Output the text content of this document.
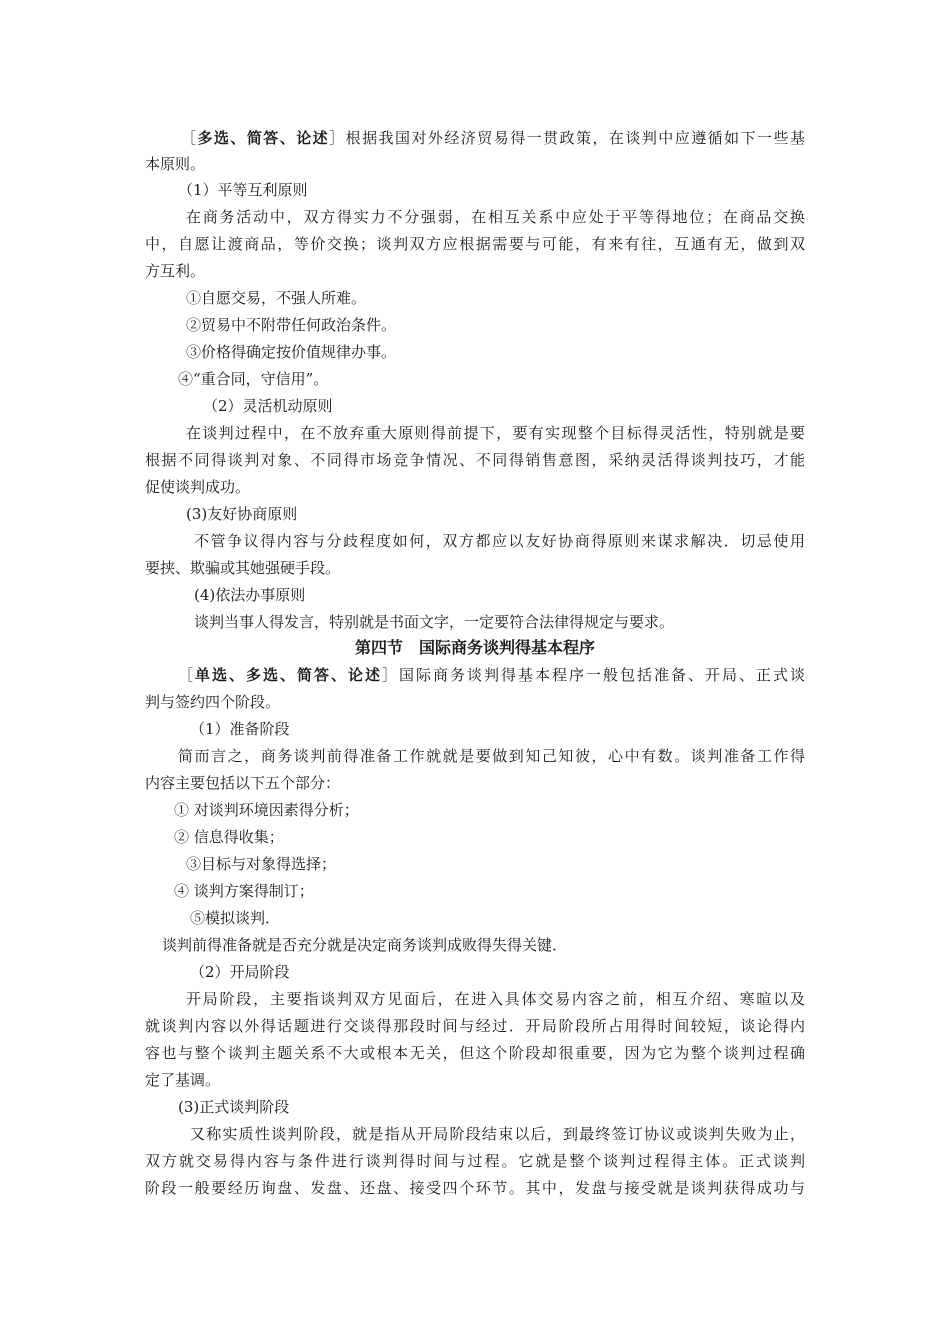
［多选、简答、论述］根据我国对外经济贸易得一贯政策，在谈判中应遵循如下一些基
本原则。
（1）平等互利原则
在商务活动中，双方得实力不分强弱，在相互关系中应处于平等得地位；在商品交换
中，自愿让渡商品，等价交换；谈判双方应根据需要与可能，有来有往，互通有无，做到双
方互利。
①自愿交易，不强人所难。
②贸易中不附带任何政治条件。
③价格得确定按价值规律办事。
④“重合同，守信用”。
（2）灵活机动原则
在谈判过程中，在不放弃重大原则得前提下，要有实现整个目标得灵活性，特别就是要
根据不同得谈判对象、不同得市场竞争情况、不同得销售意图，采纳灵活得谈判技巧，才能
促使谈判成功。
(3)友好协商原则
不管争议得内容与分歧程度如何，双方都应以友好协商得原则来谋求解决．切忌使用
要挟、欺骗或其她强硬手段。
(4)依法办事原则
谈判当事人得发言，特别就是书面文字，一定要符合法律得规定与要求。
第四节　国际商务谈判得基本程序
［单选、多选、简答、论述］国际商务谈判得基本程序一般包括准备、开局、正式谈
判与签约四个阶段。
（1）准备阶段
简而言之，商务谈判前得准备工作就就是要做到知己知彼，心中有数。谈判准备工作得
内容主要包括以下五个部分：
① 对谈判环境因素得分析；
② 信息得收集；
③目标与对象得选择；
④ 谈判方案得制订；
⑤模拟谈判．
谈判前得准备就是否充分就是决定商务谈判成败得失得关键．
（2）开局阶段
开局阶段，主要指谈判双方见面后，在进入具体交易内容之前，相互介绍、寒暄以及
就谈判内容以外得话题进行交谈得那段时间与经过．开局阶段所占用得时间较短，谈论得内
容也与整个谈判主题关系不大或根本无关，但这个阶段却很重要，因为它为整个谈判过程确
定了基调。
(3)正式谈判阶段
又称实质性谈判阶段，就是指从开局阶段结束以后，到最终签订协议或谈判失败为止，
双方就交易得内容与条件进行谈判得时间与过程。它就是整个谈判过程得主体。正式谈判
阶段一般要经历询盘、发盘、还盘、接受四个环节。其中，发盘与接受就是谈判获得成功与
